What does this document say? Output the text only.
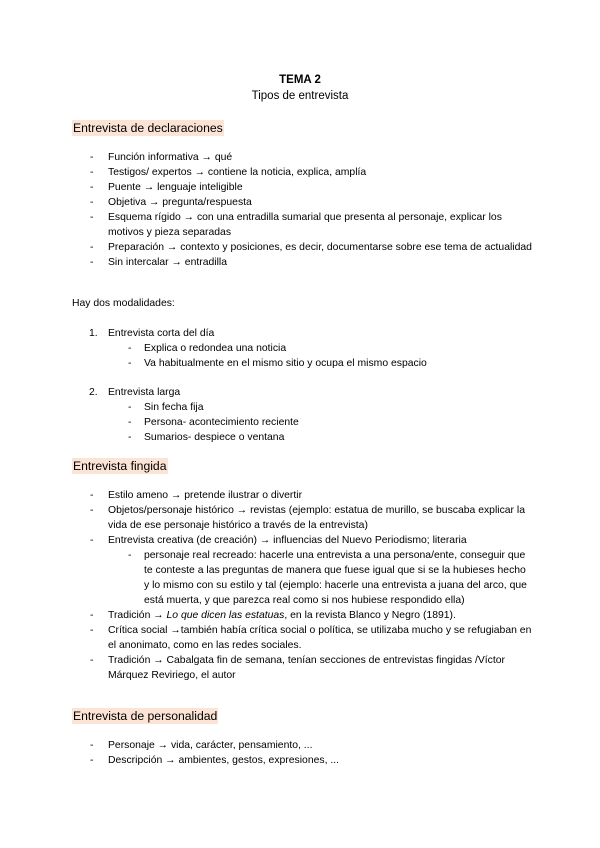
TEMA 2
Tipos de entrevista
Entrevista de declaraciones
- Función informativa → qué
- Testigos/ expertos → contiene la noticia, explica, amplía
- Puente → lenguaje inteligible
- Objetiva → pregunta/respuesta
- Esquema rígido → con una entradilla sumarial que presenta al personaje, explicar los motivos y pieza separadas
- Preparación → contexto y posiciones, es decir, documentarse sobre ese tema de actualidad
- Sin intercalar → entradilla

Hay dos modalidades:

1. Entrevista corta del día
- Explica o redondea una noticia
- Va habitualmente en el mismo sitio y ocupa el mismo espacio
2. Entrevista larga
- Sin fecha fija
- Persona- acontecimiento reciente
- Sumarios- despiece o ventana
Entrevista fingida
- Estilo ameno → pretende ilustrar o divertir
- Objetos/personaje histórico → revistas (ejemplo: estatua de murillo, se buscaba explicar la vida de ese personaje histórico a través de la entrevista)
- Entrevista creativa (de creación) → influencias del Nuevo Periodismo; literaria
- personaje real recreado: hacerle una entrevista a una persona/ente, conseguir que te conteste a las preguntas de manera que fuese igual que si se la hubieses hecho y lo mismo con su estilo y tal (ejemplo: hacerle una entrevista a juana del arco, que está muerta, y que parezca real como si nos hubiese respondido ella)
- Tradición → Lo que dicen las estatuas, en la revista Blanco y Negro (1891).
- Crítica social →también había crítica social o política, se utilizaba mucho y se refugiaban en el anonimato, como en las redes sociales.
- Tradición → Cabalgata fin de semana, tenían secciones de entrevistas fingidas /Víctor Márquez Reviriego, el autor
Entrevista de personalidad
- Personaje → vida, carácter, pensamiento, ...
- Descripción → ambientes, gestos, expresiones, ...
